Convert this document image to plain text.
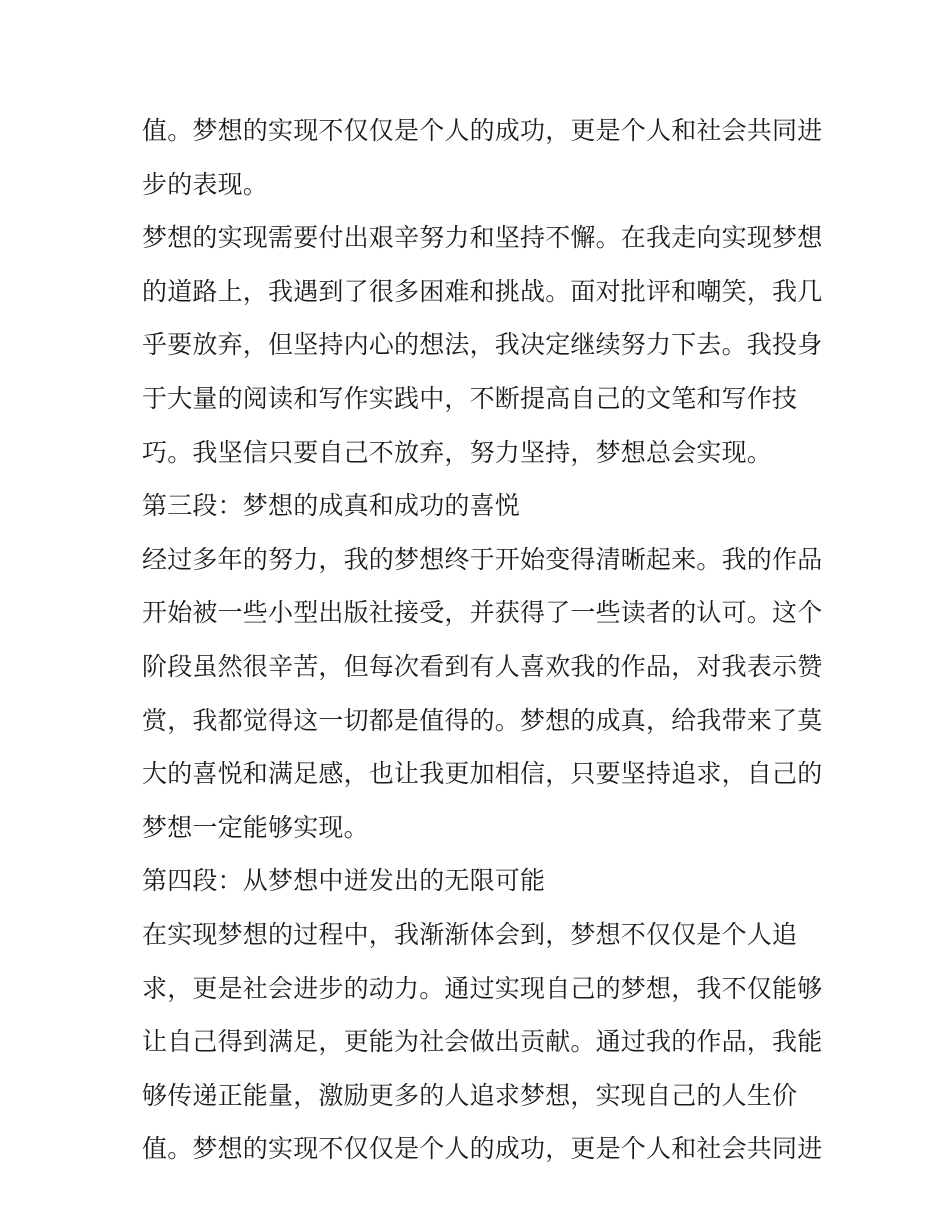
值。梦想的实现不仅仅是个人的成功，更是个人和社会共同进
步的表现。
梦想的实现需要付出艰辛努力和坚持不懈。在我走向实现梦想
的道路上，我遇到了很多困难和挑战。面对批评和嘲笑，我几
乎要放弃，但坚持内心的想法，我决定继续努力下去。我投身
于大量的阅读和写作实践中，不断提高自己的文笔和写作技
巧。我坚信只要自己不放弃，努力坚持，梦想总会实现。
第三段：梦想的成真和成功的喜悦
经过多年的努力，我的梦想终于开始变得清晰起来。我的作品
开始被一些小型出版社接受，并获得了一些读者的认可。这个
阶段虽然很辛苦，但每次看到有人喜欢我的作品，对我表示赞
赏，我都觉得这一切都是值得的。梦想的成真，给我带来了莫
大的喜悦和满足感，也让我更加相信，只要坚持追求，自己的
梦想一定能够实现。
第四段：从梦想中迸发出的无限可能
在实现梦想的过程中，我渐渐体会到，梦想不仅仅是个人追
求，更是社会进步的动力。通过实现自己的梦想，我不仅能够
让自己得到满足，更能为社会做出贡献。通过我的作品，我能
够传递正能量，激励更多的人追求梦想，实现自己的人生价
值。梦想的实现不仅仅是个人的成功，更是个人和社会共同进
